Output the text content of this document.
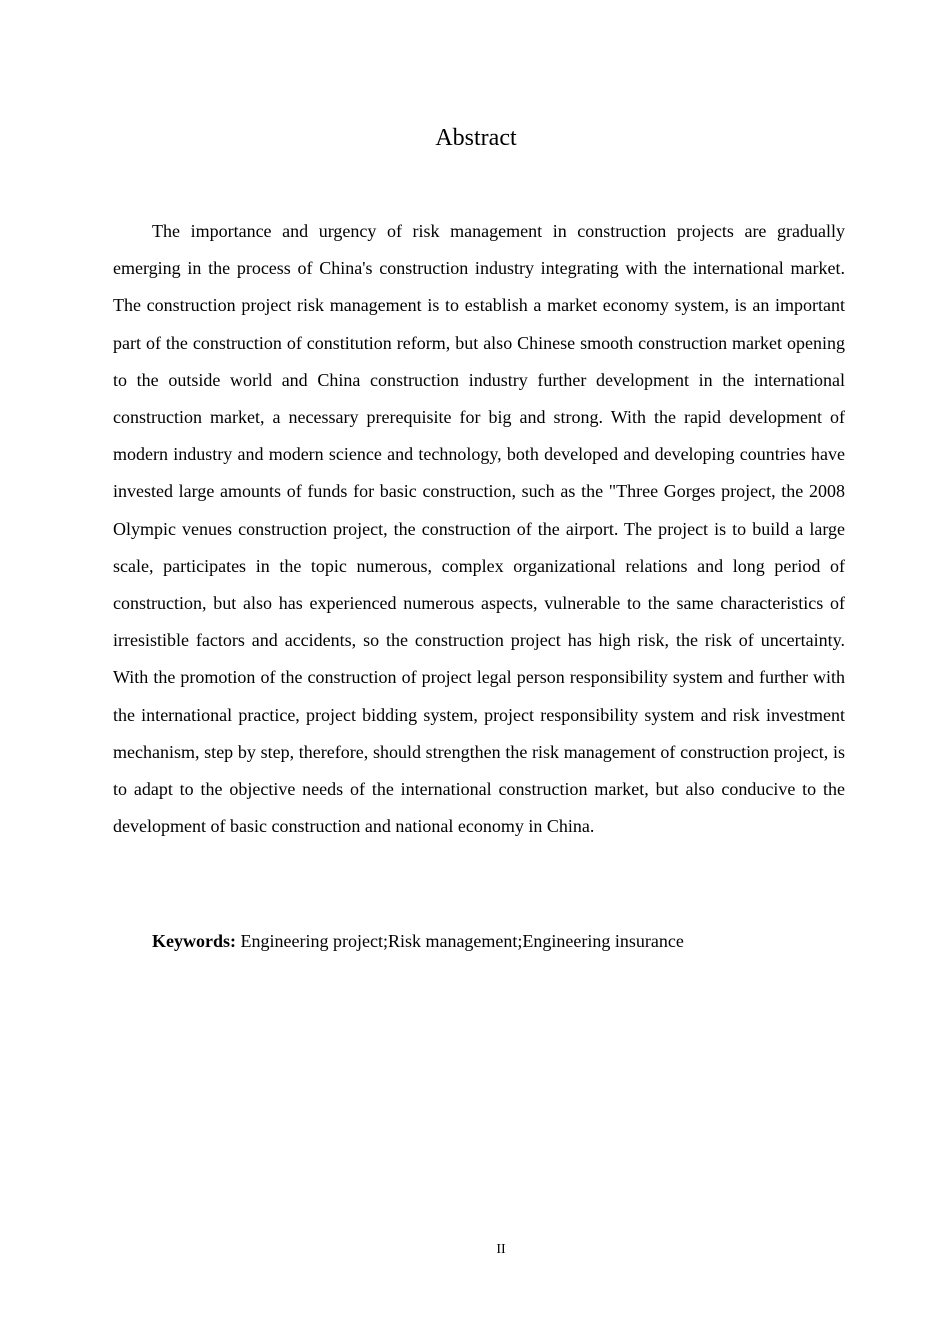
Abstract

The importance and urgency of risk management in construction projects are gradually emerging in the process of China's construction industry integrating with the international market. The construction project risk management is to establish a market economy system, is an important part of the construction of constitution reform, but also Chinese smooth construction market opening to the outside world and China construction industry further development in the international construction market, a necessary prerequisite for big and strong. With the rapid development of modern industry and modern science and technology, both developed and developing countries have invested large amounts of funds for basic construction, such as the "Three Gorges project, the 2008 Olympic venues construction project, the construction of the airport. The project is to build a large scale, participates in the topic numerous, complex organizational relations and long period of construction, but also has experienced numerous aspects, vulnerable to the same characteristics of irresistible factors and accidents, so the construction project has high risk, the risk of uncertainty. With the promotion of the construction of project legal person responsibility system and further with the international practice, project bidding system, project responsibility system and risk investment mechanism, step by step, therefore, should strengthen the risk management of construction project, is to adapt to the objective needs of the international construction market, but also conducive to the development of basic construction and national economy in China.

Keywords: Engineering project;Risk management;Engineering insurance

II
